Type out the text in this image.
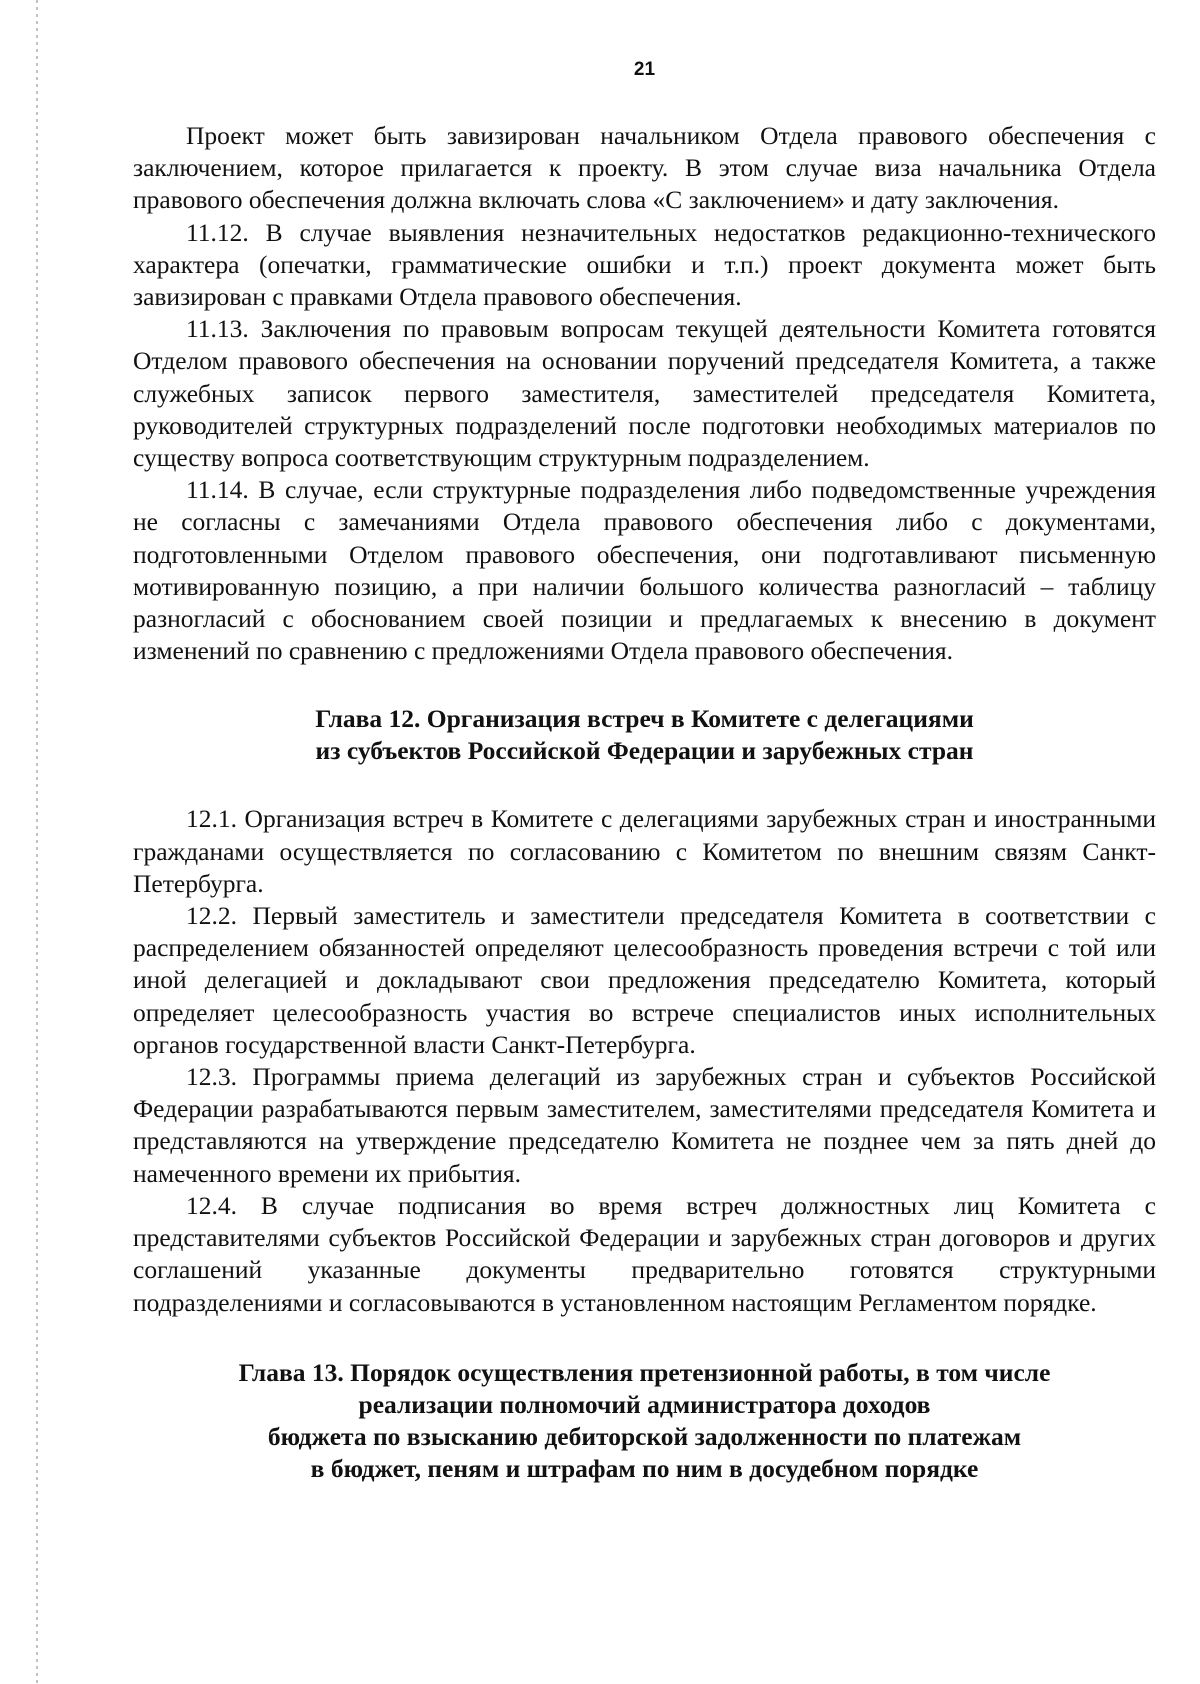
21

Проект может быть завизирован начальником Отдела правового обеспечения с заключением, которое прилагается к проекту. В этом случае виза начальника Отдела правового обеспечения должна включать слова «С заключением» и дату заключения.

11.12. В случае выявления незначительных недостатков редакционно-технического характера (опечатки, грамматические ошибки и т.п.) проект документа может быть завизирован с правками Отдела правового обеспечения.

11.13. Заключения по правовым вопросам текущей деятельности Комитета готовятся Отделом правового обеспечения на основании поручений председателя Комитета, а также служебных записок первого заместителя, заместителей председателя Комитета, руководителей структурных подразделений после подготовки необходимых материалов по существу вопроса соответствующим структурным подразделением.

11.14. В случае, если структурные подразделения либо подведомственные учреждения не согласны с замечаниями Отдела правового обеспечения либо с документами, подготовленными Отделом правового обеспечения, они подготавливают письменную мотивированную позицию, а при наличии большого количества разногласий – таблицу разногласий с обоснованием своей позиции и предлагаемых к внесению в документ изменений по сравнению с предложениями Отдела правового обеспечения.

Глава 12. Организация встреч в Комитете с делегациями
из субъектов Российской Федерации и зарубежных стран

12.1. Организация встреч в Комитете с делегациями зарубежных стран и иностранными гражданами осуществляется по согласованию с Комитетом по внешним связям Санкт-Петербурга.

12.2. Первый заместитель и заместители председателя Комитета в соответствии с распределением обязанностей определяют целесообразность проведения встречи с той или иной делегацией и докладывают свои предложения председателю Комитета, который определяет целесообразность участия во встрече специалистов иных исполнительных органов государственной власти Санкт-Петербурга.

12.3. Программы приема делегаций из зарубежных стран и субъектов Российской Федерации разрабатываются первым заместителем, заместителями председателя Комитета и представляются на утверждение председателю Комитета не позднее чем за пять дней до намеченного времени их прибытия.

12.4. В случае подписания во время встреч должностных лиц Комитета с представителями субъектов Российской Федерации и зарубежных стран договоров и других соглашений указанные документы предварительно готовятся структурными подразделениями и согласовываются в установленном настоящим Регламентом порядке.

Глава 13. Порядок осуществления претензионной работы, в том числе
реализации полномочий администратора доходов
бюджета по взысканию дебиторской задолженности по платежам
в бюджет, пеням и штрафам по ним в досудебном порядке
